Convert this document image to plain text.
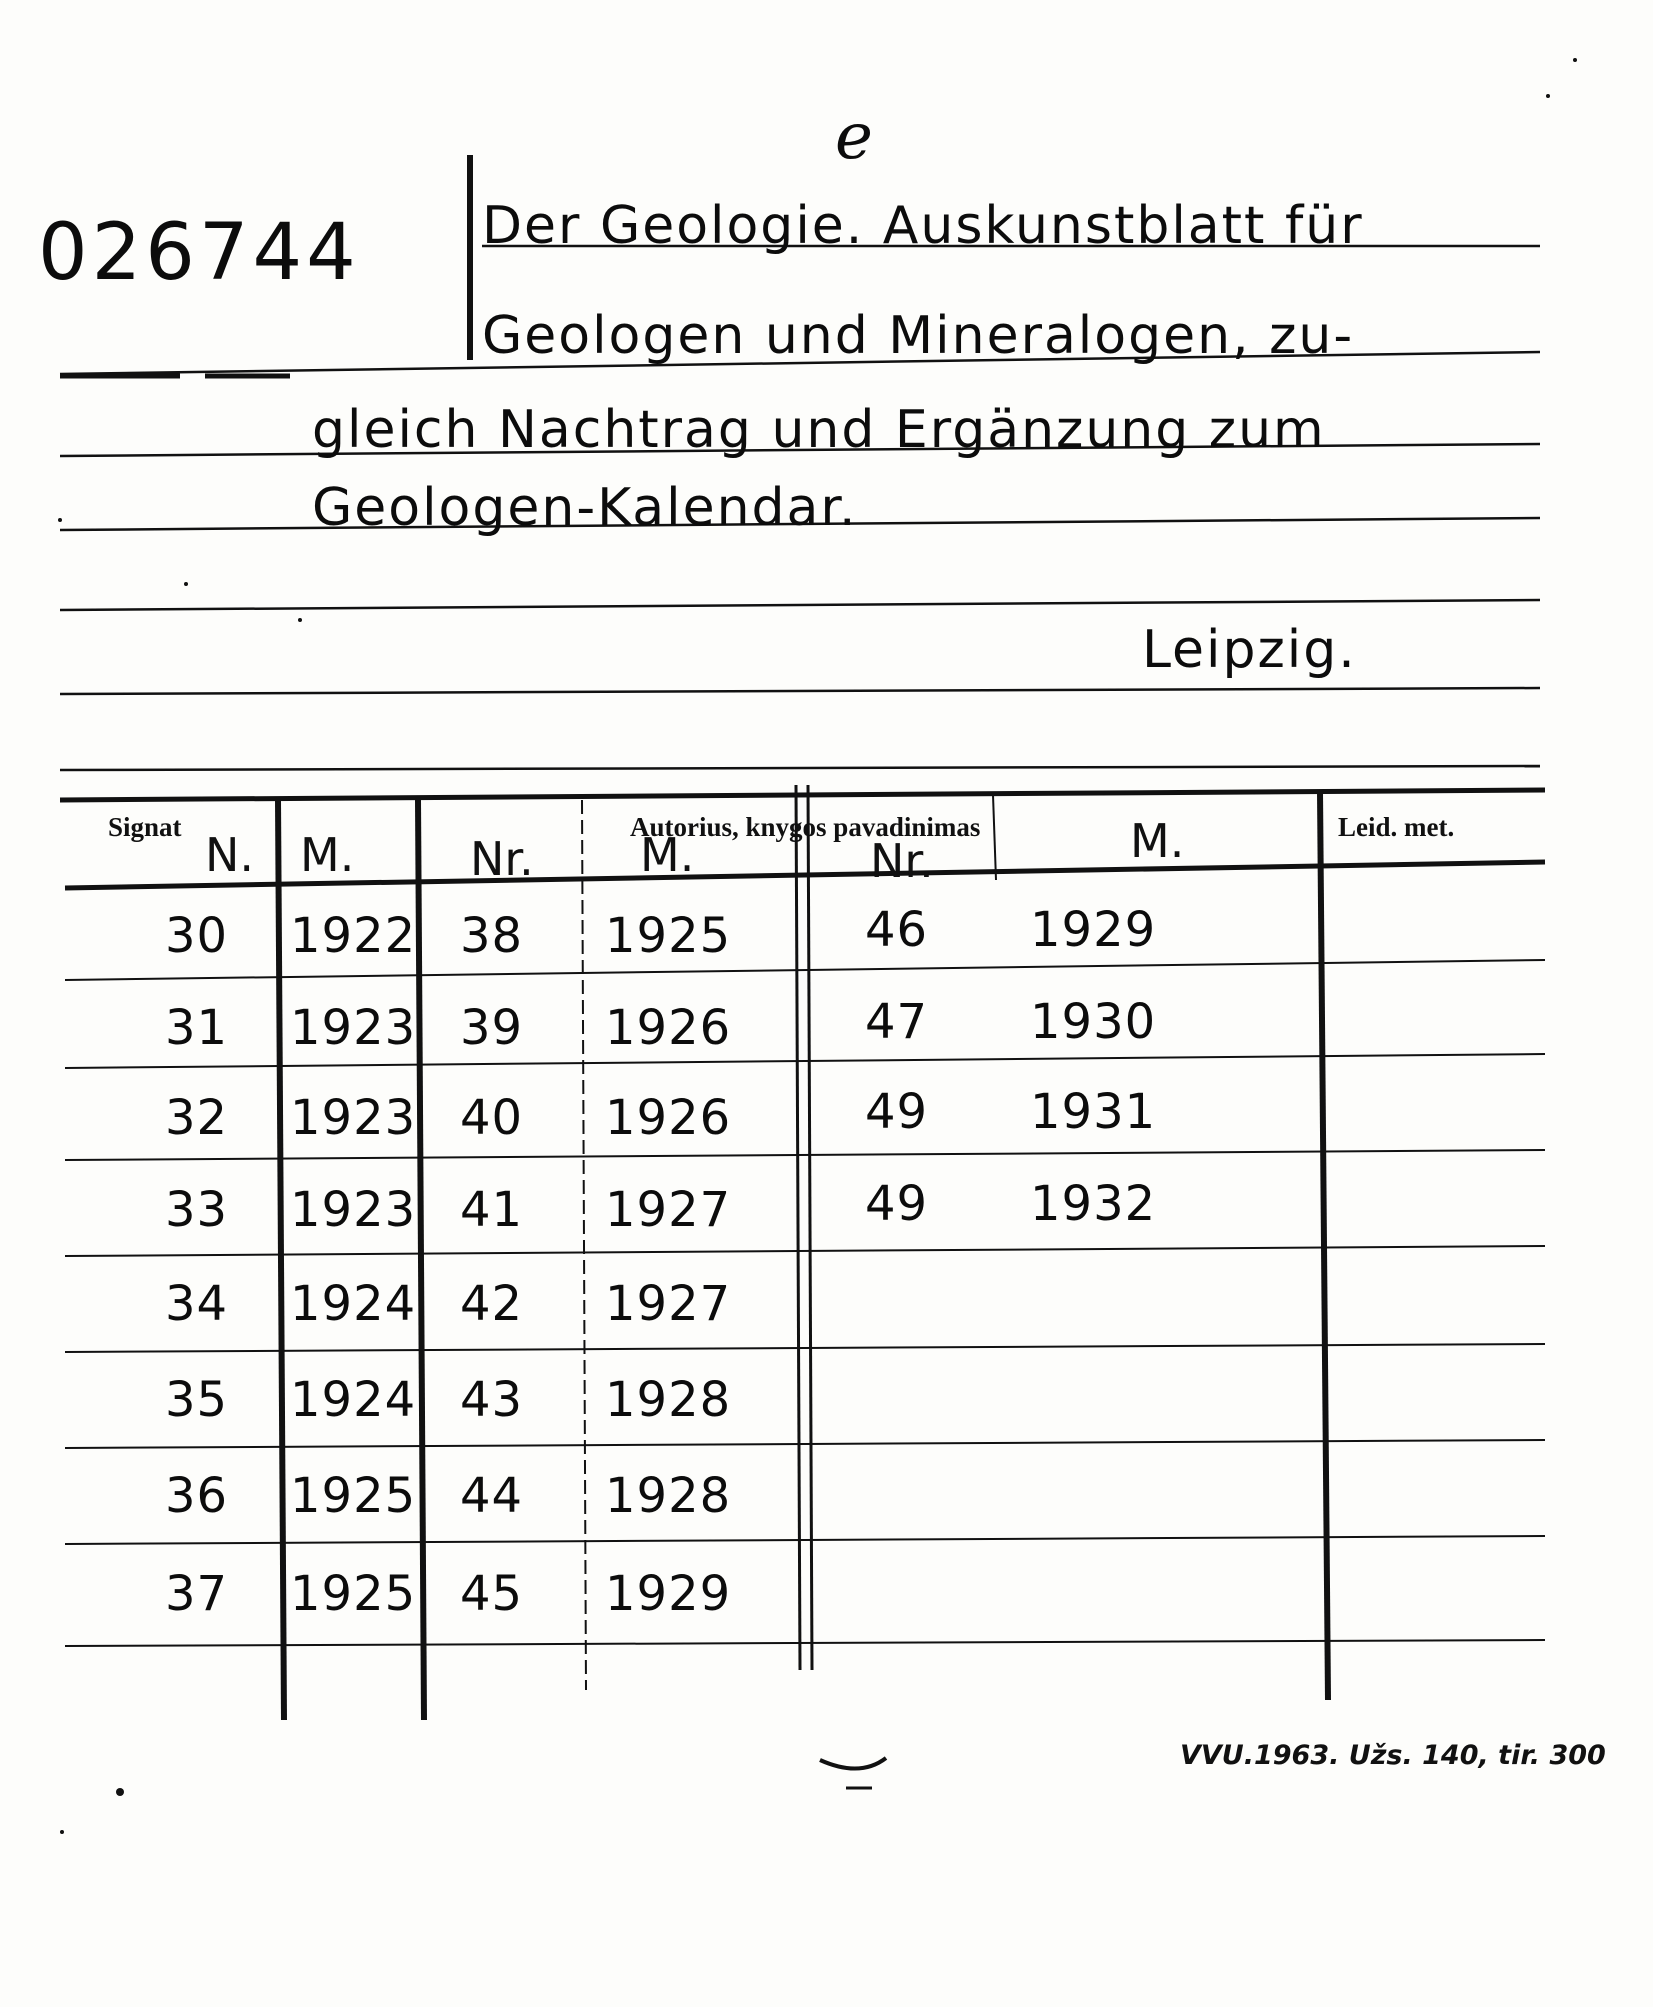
e
026744 Der Geologie. Auskunstblatt für
Geologen und Mineralogen, zu-
gleich Nachtrag und Ergänzung zum
Geologen-Kalendar.
Leipzig.
Signat	Autorius, knygos pavadinimas	Leid. met.
N. M.	Nr. M.	Nr.	M.
30 1922 38 1925	46 1929
31 1923 39 1926	47 1930
32 1923 40 1926	49 1931
33 1923 41 1927	49 1932
34 1924 42 1927
35 1924 43 1928
36 1925 44 1928
37 1925 45 1929
VVU.1963. Užs. 140, tir. 300
